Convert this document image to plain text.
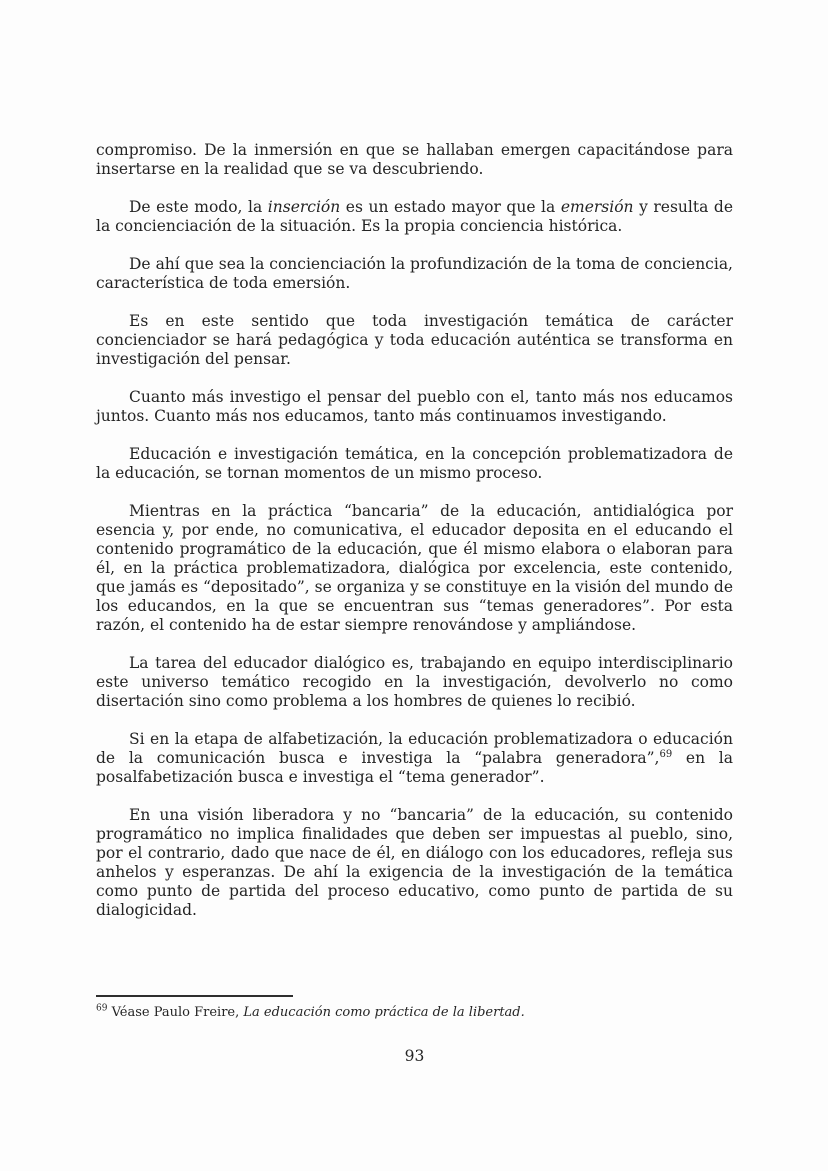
compromiso. De la inmersión en que se hallaban emergen capacitándose para insertarse en la realidad que se va descubriendo.

De este modo, la inserción es un estado mayor que la emersión y resulta de la concienciación de la situación. Es la propia conciencia histórica.

De ahí que sea la concienciación la profundización de la toma de conciencia, característica de toda emersión.

Es en este sentido que toda investigación temática de carácter concienciador se hará pedagógica y toda educación auténtica se transforma en investigación del pensar.

Cuanto más investigo el pensar del pueblo con el, tanto más nos educamos juntos. Cuanto más nos educamos, tanto más continuamos investigando.

Educación e investigación temática, en la concepción problematizadora de la educación, se tornan momentos de un mismo proceso.

Mientras en la práctica “bancaria” de la educación, antidialógica por esencia y, por ende, no comunicativa, el educador deposita en el educando el contenido programático de la educación, que él mismo elabora o elaboran para él, en la práctica problematizadora, dialógica por excelencia, este contenido, que jamás es “depositado”, se organiza y se constituye en la visión del mundo de los educandos, en la que se encuentran sus “temas generadores”. Por esta razón, el contenido ha de estar siempre renovándose y ampliándose.

La tarea del educador dialógico es, trabajando en equipo interdisciplinario este universo temático recogido en la investigación, devolverlo no como disertación sino como problema a los hombres de quienes lo recibió.

Si en la etapa de alfabetización, la educación problematizadora o educación de la comunicación busca e investiga la “palabra generadora”,$^{69}$ en la posalfabetización busca e investiga el “tema generador”.

En una visión liberadora y no “bancaria” de la educación, su contenido programático no implica finalidades que deben ser impuestas al pueblo, sino, por el contrario, dado que nace de él, en diálogo con los educadores, refleja sus anhelos y esperanzas. De ahí la exigencia de la investigación de la temática como punto de partida del proceso educativo, como punto de partida de su dialogicidad.

$^{69}$ Véase Paulo Freire, La educación como práctica de la libertad.

93
